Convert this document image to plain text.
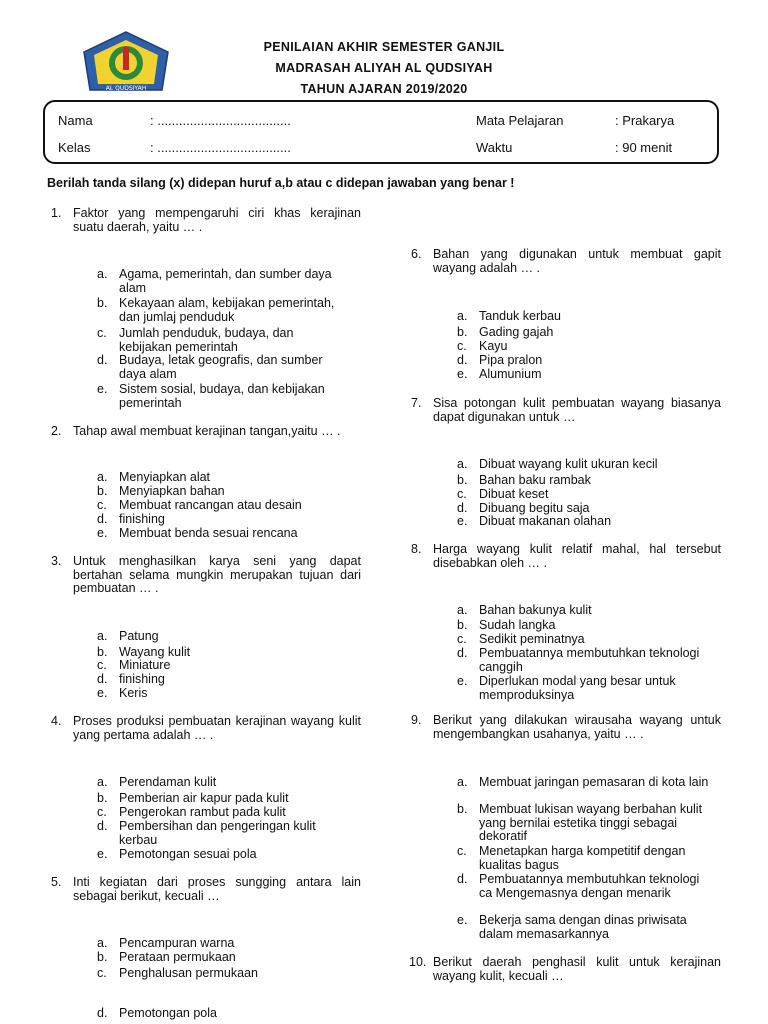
AL QUDSIYAH
PENILAIAN AKHIR SEMESTER GANJIL
MADRASAH ALIYAH AL QUDSIYAH
TAHUN AJARAN 2019/2020
Nama	: .....................................
Kelas	: .....................................
Mata Pelajaran	: Prakarya
Waktu	: 90 menit
Berilah tanda silang (x) didepan huruf a,b atau c didepan jawaban yang benar !
1. Faktor yang mempengaruhi ciri khas kerajinan suatu daerah, yaitu … .
a. Agama, pemerintah, dan sumber daya alam
b. Kekayaan alam, kebijakan pemerintah, dan jumlaj penduduk
c. Jumlah penduduk, budaya, dan kebijakan pemerintah
d. Budaya, letak geografis, dan sumber daya alam
e. Sistem sosial, budaya, dan kebijakan pemerintah
2. Tahap awal membuat kerajinan tangan,yaitu … .
a. Menyiapkan alat
b. Menyiapkan bahan
c. Membuat rancangan atau desain
d. finishing
e. Membuat benda sesuai rencana
3. Untuk menghasilkan karya seni yang dapat bertahan selama mungkin merupakan tujuan dari pembuatan … .
a. Patung
b. Wayang kulit
c. Miniature
d. finishing
e. Keris
4. Proses produksi pembuatan kerajinan wayang kulit yang pertama adalah … .
a. Perendaman kulit
b. Pemberian air kapur pada kulit
c. Pengerokan rambut pada kulit
d. Pembersihan dan pengeringan kulit kerbau
e. Pemotongan sesuai pola
5. Inti kegiatan dari proses sungging antara lain sebagai berikut, kecuali …
a. Pencampuran warna
b. Perataan permukaan
c. Penghalusan permukaan
d. Pemotongan pola
6. Bahan yang digunakan untuk membuat gapit wayang adalah … .
a. Tanduk kerbau
b. Gading gajah
c. Kayu
d. Pipa pralon
e. Alumunium
7. Sisa potongan kulit pembuatan wayang biasanya dapat digunakan untuk …
a. Dibuat wayang kulit ukuran kecil
b. Bahan baku rambak
c. Dibuat keset
d. Dibuang begitu saja
e. Dibuat makanan olahan
8. Harga wayang kulit relatif mahal, hal tersebut disebabkan oleh … .
a. Bahan bakunya kulit
b. Sudah langka
c. Sedikit peminatnya
d. Pembuatannya membutuhkan teknologi canggih
e. Diperlukan modal yang besar untuk memproduksinya
9. Berikut yang dilakukan wirausaha wayang untuk mengembangkan usahanya, yaitu … .
a. Membuat jaringan pemasaran di kota lain
b. Membuat lukisan wayang berbahan kulit yang bernilai estetika tinggi sebagai dekoratif
c. Menetapkan harga kompetitif dengan kualitas bagus
d. Pembuatannya membutuhkan teknologi ca Mengemasnya dengan menarik
e. Bekerja sama dengan dinas priwisata dalam memasarkannya
10. Berikut daerah penghasil kulit untuk kerajinan wayang kulit, kecuali …
